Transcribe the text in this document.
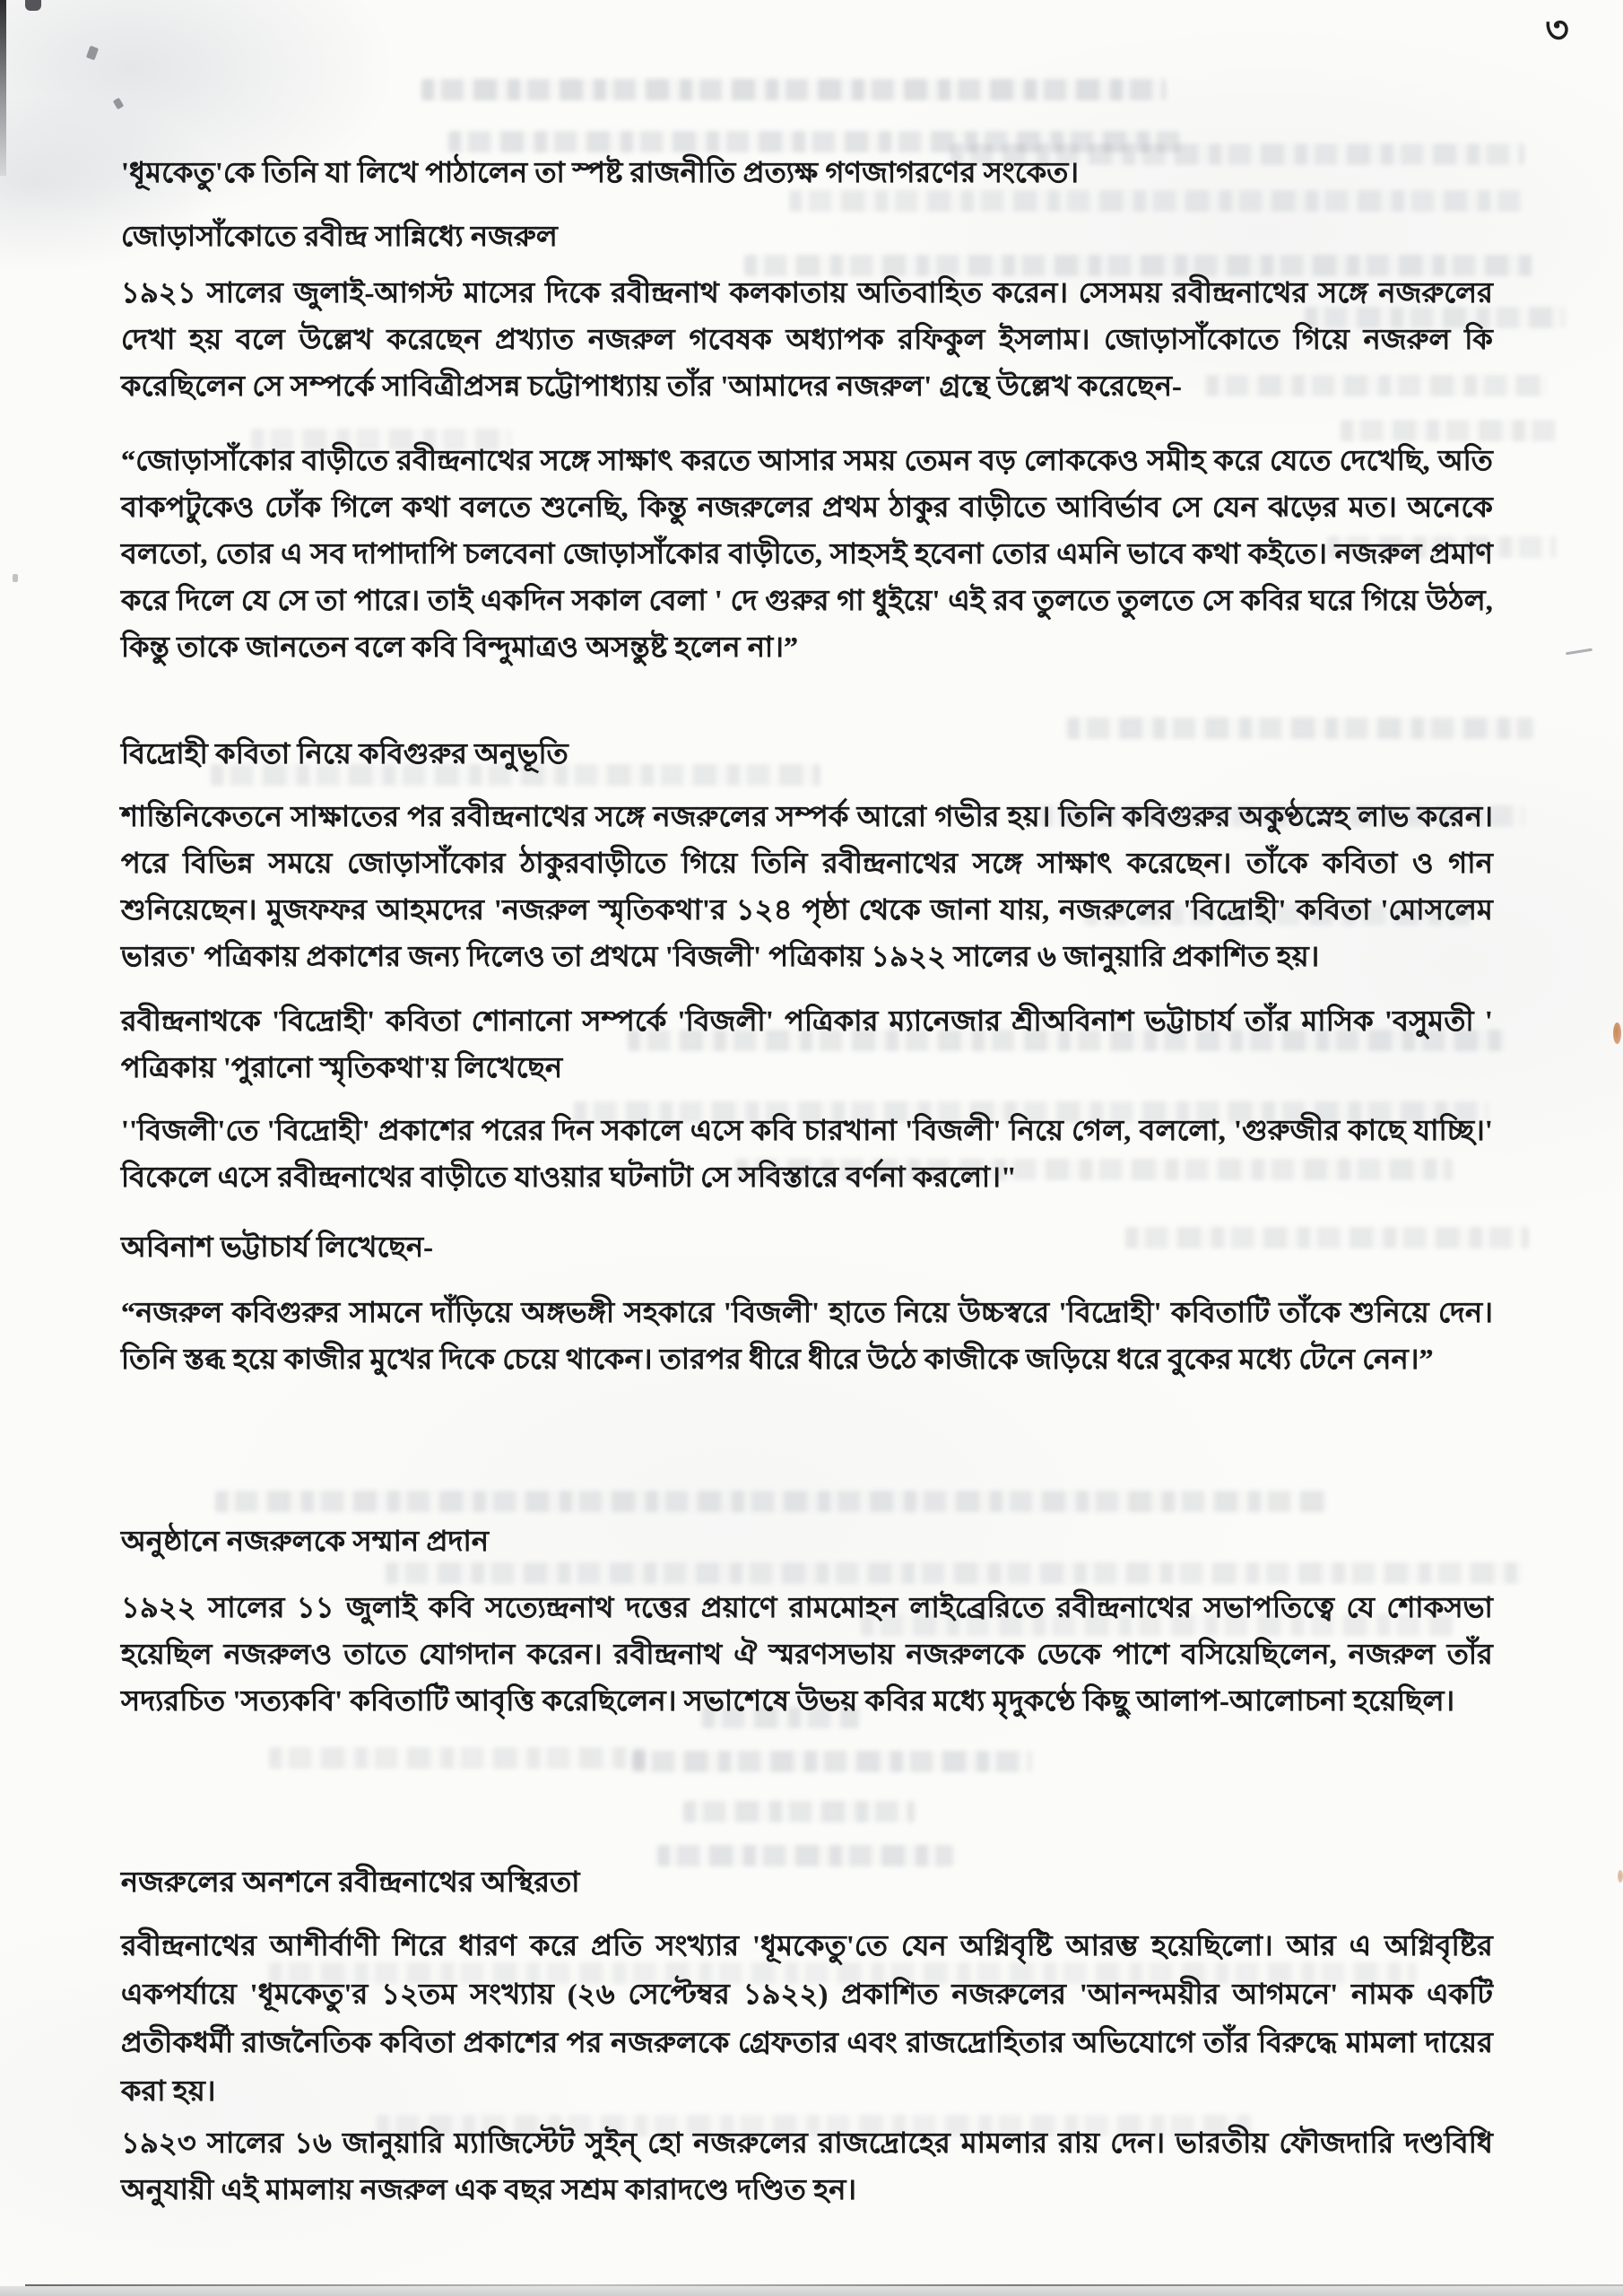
৩
'ধূমকেতু'কে তিনি যা লিখে পাঠালেন তা স্পষ্ট রাজনীতি প্রত্যক্ষ গণজাগরণের সংকেত।
জোড়াসাঁকোতে রবীন্দ্র সান্নিধ্যে নজরুল
১৯২১ সালের জুলাই-আগস্ট মাসের দিকে রবীন্দ্রনাথ কলকাতায় অতিবাহিত করেন। সেসময় রবীন্দ্রনাথের সঙ্গে নজরুলের দেখা হয় বলে উল্লেখ করেছেন প্রখ্যাত নজরুল গবেষক অধ্যাপক রফিকুল ইসলাম। জোড়াসাঁকোতে গিয়ে নজরুল কি করেছিলেন সে সম্পর্কে সাবিত্রীপ্রসন্ন চট্টোপাধ্যায় তাঁর 'আমাদের নজরুল' গ্রন্থে উল্লেখ করেছেন-
“জোড়াসাঁকোর বাড়ীতে রবীন্দ্রনাথের সঙ্গে সাক্ষাৎ করতে আসার সময় তেমন বড় লোককেও সমীহ করে যেতে দেখেছি, অতি বাকপটুকেও ঢোঁক গিলে কথা বলতে শুনেছি, কিন্তু নজরুলের প্রথম ঠাকুর বাড়ীতে আবির্ভাব সে যেন ঝড়ের মত। অনেকে বলতো, তোর এ সব দাপাদাপি চলবেনা জোড়াসাঁকোর বাড়ীতে, সাহসই হবেনা তোর এমনি ভাবে কথা কইতে। নজরুল প্রমাণ করে দিলে যে সে তা পারে। তাই একদিন সকাল বেলা ' দে গুরুর গা ধুইয়ে' এই রব তুলতে তুলতে সে কবির ঘরে গিয়ে উঠল, কিন্তু তাকে জানতেন বলে কবি বিন্দুমাত্রও অসন্তুষ্ট হলেন না।”
বিদ্রোহী কবিতা নিয়ে কবিগুরুর অনুভূতি
শান্তিনিকেতনে সাক্ষাতের পর রবীন্দ্রনাথের সঙ্গে নজরুলের সম্পর্ক আরো গভীর হয়। তিনি কবিগুরুর অকুণ্ঠস্নেহ লাভ করেন। পরে বিভিন্ন সময়ে জোড়াসাঁকোর ঠাকুরবাড়ীতে গিয়ে তিনি রবীন্দ্রনাথের সঙ্গে সাক্ষাৎ করেছেন। তাঁকে কবিতা ও গান শুনিয়েছেন। মুজফফর আহমদের 'নজরুল স্মৃতিকথা'র ১২৪ পৃষ্ঠা থেকে জানা যায়, নজরুলের 'বিদ্রোহী' কবিতা 'মোসলেম ভারত' পত্রিকায় প্রকাশের জন্য দিলেও তা প্রথমে 'বিজলী' পত্রিকায় ১৯২২ সালের ৬ জানুয়ারি প্রকাশিত হয়।
রবীন্দ্রনাথকে 'বিদ্রোহী' কবিতা শোনানো সম্পর্কে 'বিজলী' পত্রিকার ম্যানেজার শ্রীঅবিনাশ ভট্টাচার্য তাঁর মাসিক 'বসুমতী ' পত্রিকায় 'পুরানো স্মৃতিকথা'য় লিখেছেন
''বিজলী'তে 'বিদ্রোহী' প্রকাশের পরের দিন সকালে এসে কবি চারখানা 'বিজলী' নিয়ে গেল, বললো, 'গুরুজীর কাছে যাচ্ছি।' বিকেলে এসে রবীন্দ্রনাথের বাড়ীতে যাওয়ার ঘটনাটা সে সবিস্তারে বর্ণনা করলো।"
অবিনাশ ভট্টাচার্য লিখেছেন-
“নজরুল কবিগুরুর সামনে দাঁড়িয়ে অঙ্গভঙ্গী সহকারে 'বিজলী' হাতে নিয়ে উচ্চস্বরে 'বিদ্রোহী' কবিতাটি তাঁকে শুনিয়ে দেন। তিনি স্তব্ধ হয়ে কাজীর মুখের দিকে চেয়ে থাকেন। তারপর ধীরে ধীরে উঠে কাজীকে জড়িয়ে ধরে বুকের মধ্যে টেনে নেন।”
অনুষ্ঠানে নজরুলকে সম্মান প্রদান
১৯২২ সালের ১১ জুলাই কবি সত্যেন্দ্রনাথ দত্তের প্রয়াণে রামমোহন লাইব্রেরিতে রবীন্দ্রনাথের সভাপতিত্বে যে শোকসভা হয়েছিল নজরুলও তাতে যোগদান করেন। রবীন্দ্রনাথ ঐ স্মরণসভায় নজরুলকে ডেকে পাশে বসিয়েছিলেন, নজরুল তাঁর সদ্যরচিত 'সত্যকবি' কবিতাটি আবৃত্তি করেছিলেন। সভাশেষে উভয় কবির মধ্যে মৃদুকণ্ঠে কিছু আলাপ-আলোচনা হয়েছিল।
নজরুলের অনশনে রবীন্দ্রনাথের অস্থিরতা
রবীন্দ্রনাথের আশীর্বাণী শিরে ধারণ করে প্রতি সংখ্যার 'ধূমকেতু'তে যেন অগ্নিবৃষ্টি আরম্ভ হয়েছিলো। আর এ অগ্নিবৃষ্টির একপর্যায়ে 'ধূমকেতু'র ১২তম সংখ্যায় (২৬ সেপ্টেম্বর ১৯২২) প্রকাশিত নজরুলের 'আনন্দময়ীর আগমনে' নামক একটি প্রতীকধর্মী রাজনৈতিক কবিতা প্রকাশের পর নজরুলকে গ্রেফতার এবং রাজদ্রোহিতার অভিযোগে তাঁর বিরুদ্ধে মামলা দায়ের করা হয়।
১৯২৩ সালের ১৬ জানুয়ারি ম্যাজিস্টেট সুইন্ হো নজরুলের রাজদ্রোহের মামলার রায় দেন। ভারতীয় ফৌজদারি দণ্ডবিধি অনুযায়ী এই মামলায় নজরুল এক বছর সশ্রম কারাদণ্ডে দণ্ডিত হন।
